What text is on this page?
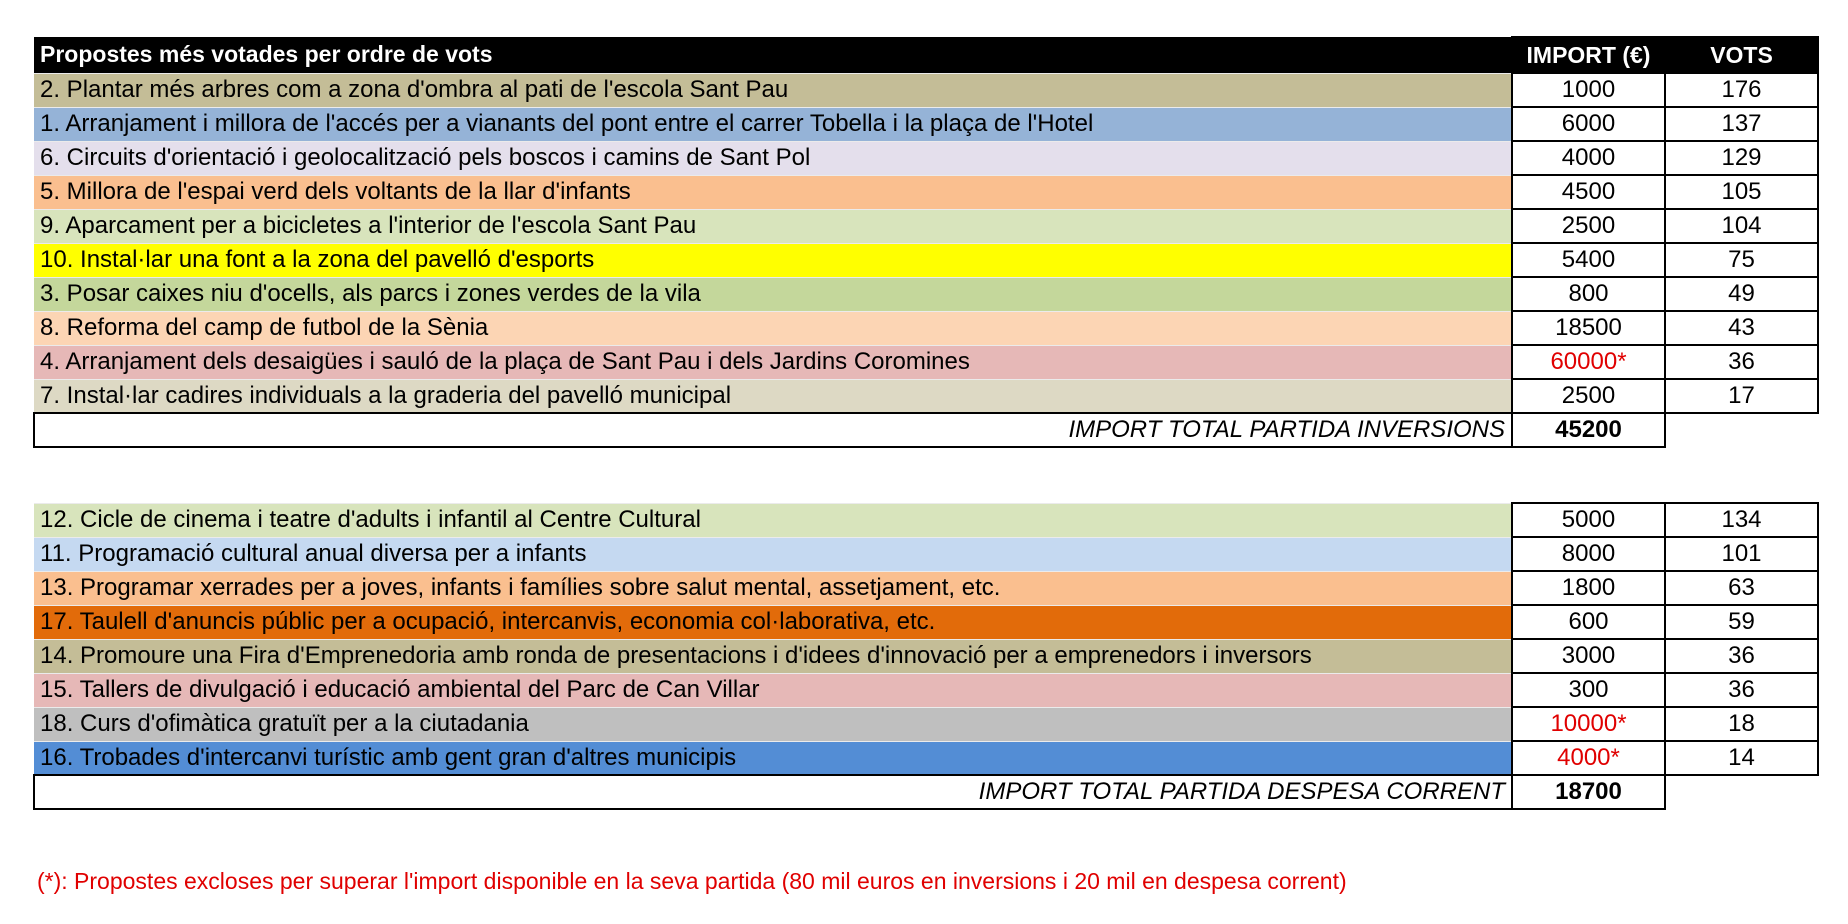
Propostes més votades per ordre de vots	IMPORT (€)	VOTS
2. Plantar més arbres com a zona d'ombra al pati de l'escola Sant Pau	1000	176
1. Arranjament i millora de l'accés per a vianants del pont entre el carrer Tobella i la plaça de l'Hotel	6000	137
6. Circuits d'orientació i geolocalització pels boscos i camins de Sant Pol	4000	129
5. Millora de l'espai verd dels voltants de la llar d'infants	4500	105
9. Aparcament per a bicicletes a l'interior de l'escola Sant Pau	2500	104
10. Instal·lar una font a la zona del pavelló d'esports	5400	75
3. Posar caixes niu d'ocells, als parcs i zones verdes de la vila	800	49
8. Reforma del camp de futbol de la Sènia	18500	43
4. Arranjament dels desaigües i sauló de la plaça de Sant Pau i dels Jardins Coromines	60000*	36
7. Instal·lar cadires individuals a la graderia del pavelló municipal	2500	17
IMPORT TOTAL PARTIDA INVERSIONS	45200	
12. Cicle de cinema i teatre d'adults i infantil al Centre Cultural	5000	134
11. Programació cultural anual diversa per a infants	8000	101
13. Programar xerrades per a joves, infants i famílies sobre salut mental, assetjament, etc.	1800	63
17. Taulell d'anuncis públic per a ocupació, intercanvis, economia col·laborativa, etc.	600	59
14. Promoure una Fira d'Emprenedoria amb ronda de presentacions i d'idees d'innovació per a emprenedors i inversors	3000	36
15. Tallers de divulgació i educació ambiental del Parc de Can Villar	300	36
18. Curs d'ofimàtica gratuït per a la ciutadania	10000*	18
16. Trobades d'intercanvi turístic amb gent gran d'altres municipis	4000*	14
IMPORT TOTAL PARTIDA DESPESA CORRENT	18700	
(*): Propostes excloses per superar l'import disponible en la seva partida (80 mil euros en inversions i 20 mil en despesa corrent)
